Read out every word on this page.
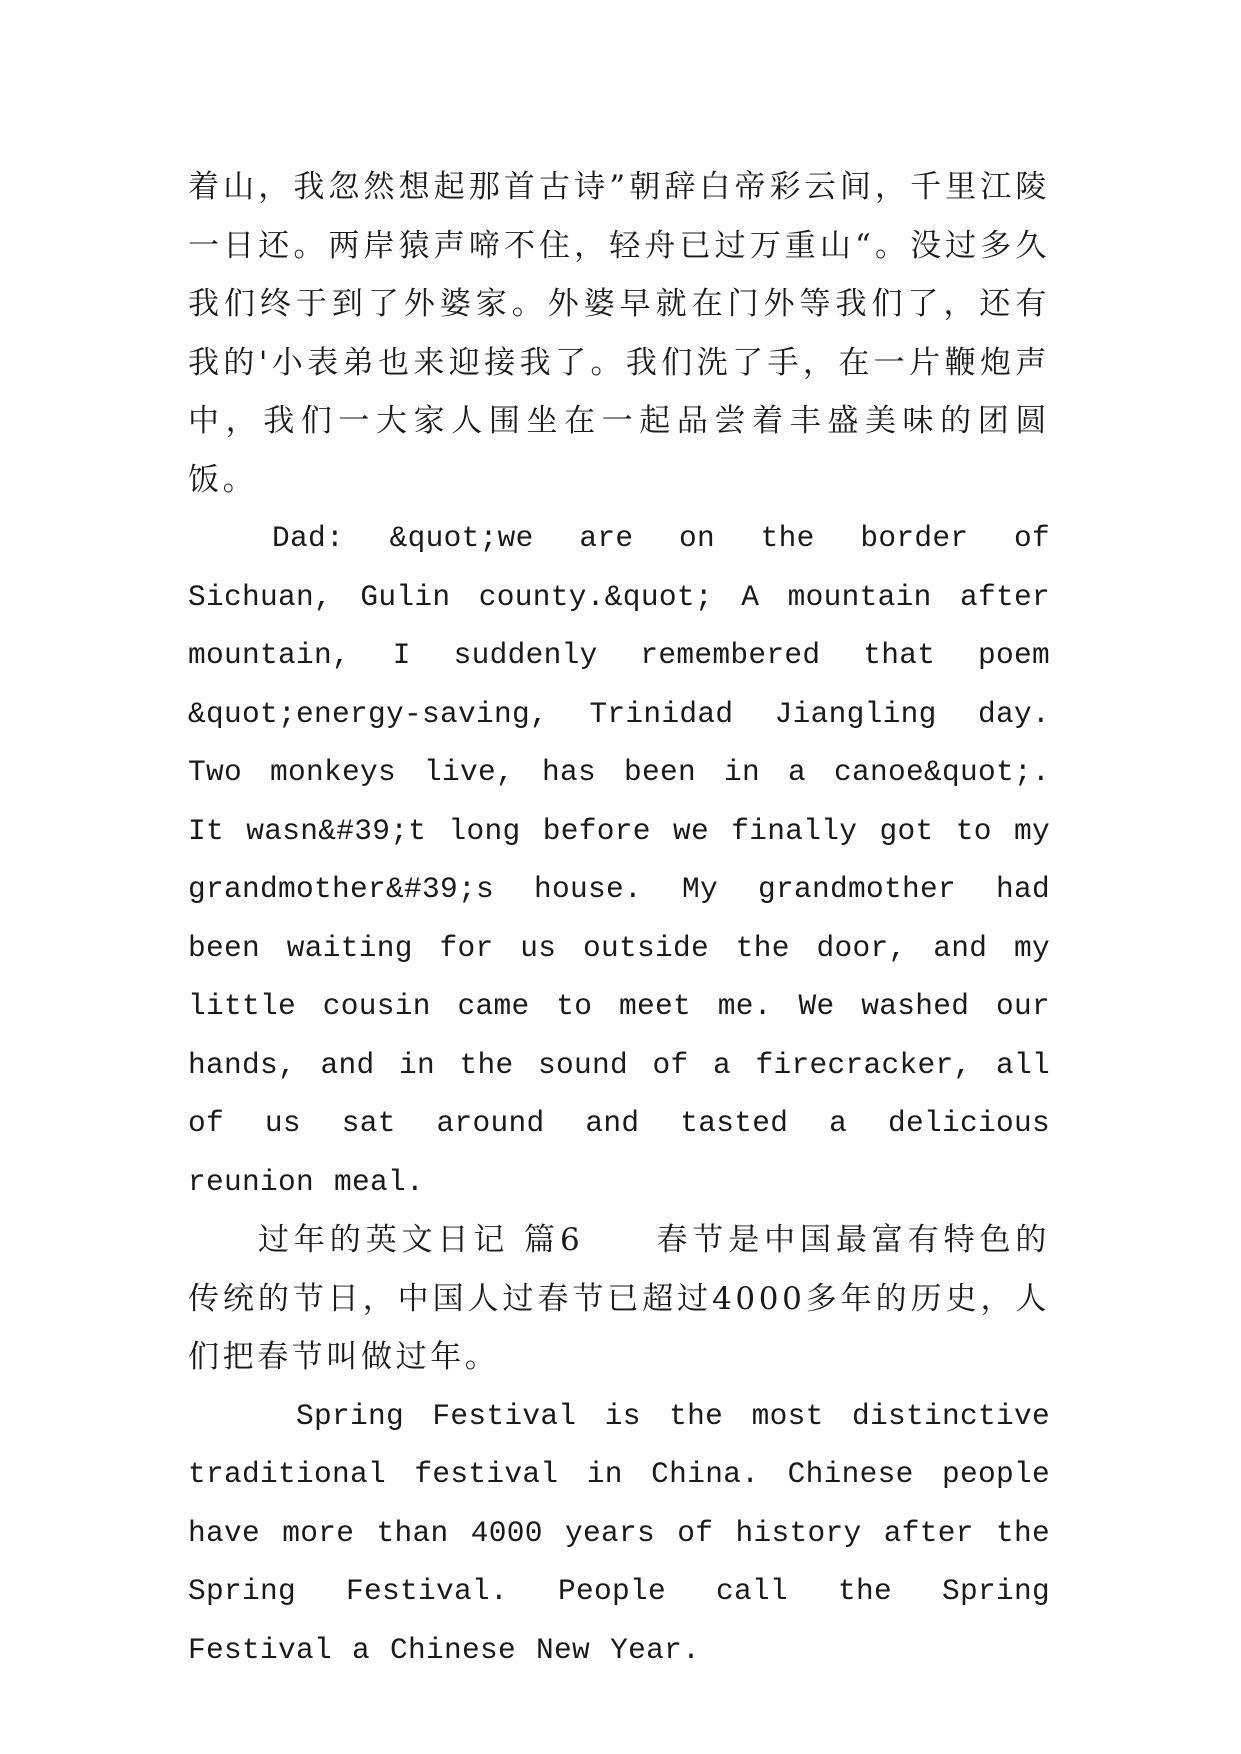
着山，我忽然想起那首古诗”朝辞白帝彩云间，千里江陵一日还。两岸猿声啼不住，轻舟已过万重山“。没过多久我们终于到了外婆家。外婆早就在门外等我们了，还有我的'小表弟也来迎接我了。我们洗了手，在一片鞭炮声中，我们一大家人围坐在一起品尝着丰盛美味的团圆饭。

Dad: &quot;we are on the border of Sichuan, Gulin county.&quot; A mountain after mountain, I suddenly remembered that poem &quot;energy-saving, Trinidad Jiangling day. Two monkeys live, has been in a canoe&quot;. It wasn&#39;t long before we finally got to my grandmother&#39;s house. My grandmother had been waiting for us outside the door, and my little cousin came to meet me. We washed our hands, and in the sound of a firecracker, all of us sat around and tasted a delicious reunion meal.

过年的英文日记 篇6　　春节是中国最富有特色的传统的节日，中国人过春节已超过4000多年的历史，人们把春节叫做过年。

Spring Festival is the most distinctive traditional festival in China. Chinese people have more than 4000 years of history after the Spring Festival. People call the Spring Festival a Chinese New Year.
